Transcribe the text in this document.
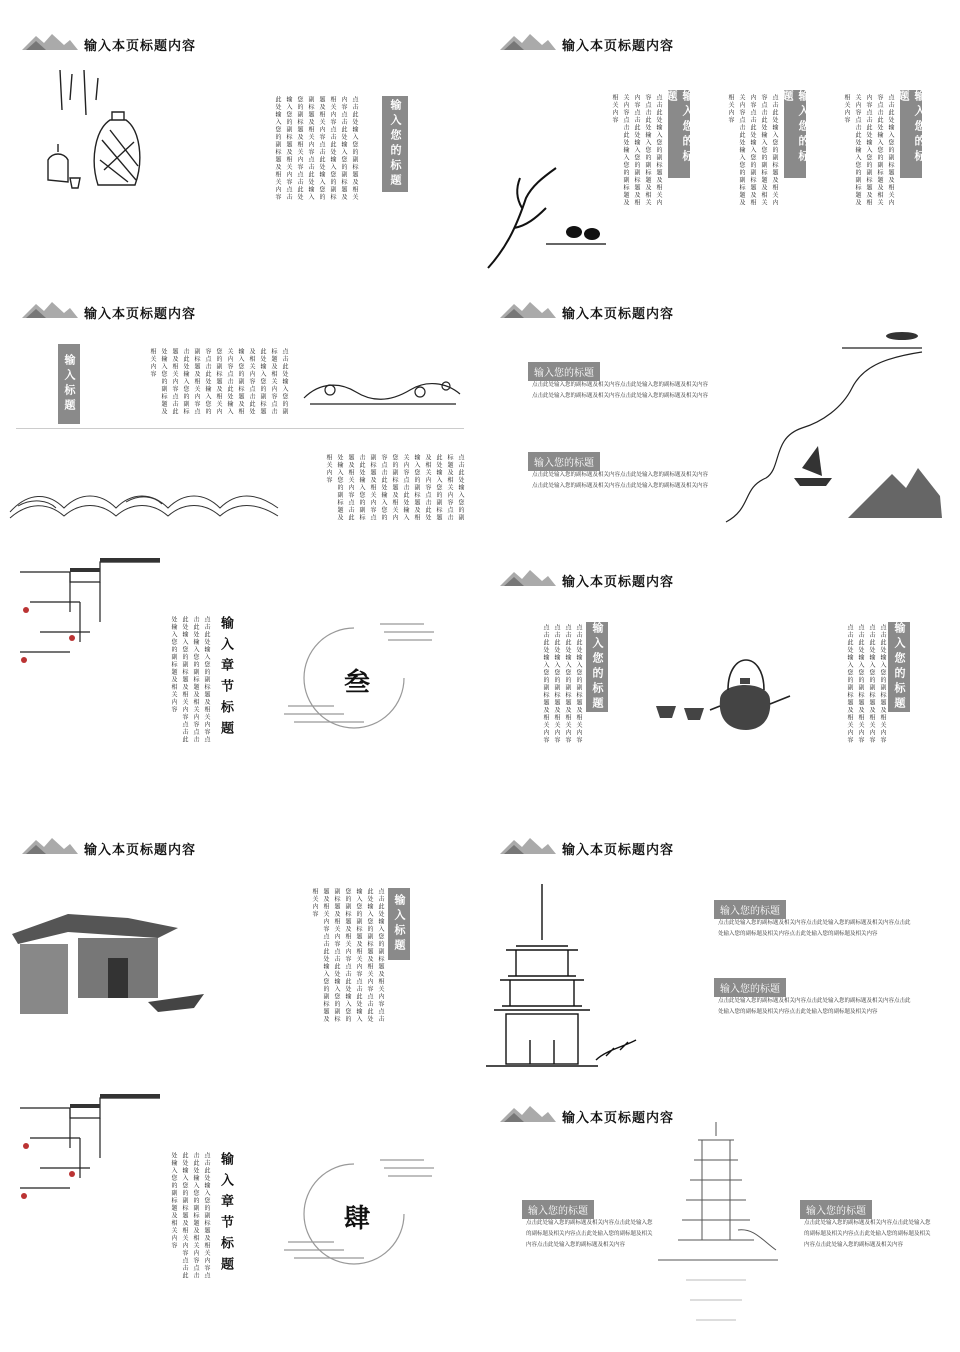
输入本页标题内容
点击此处输入您的副标题及相关内容点击此处输入您的副标题及相关内容点击此处输入您的副标题及相关内容点击此处输入您的副标题及相关内容点击此处输入您的副标题及相关内容点击此处输入您的副标题及相关内容点击此处输入您的副标题及相关内容	输入您的标题
输入本页标题内容
点击此处输入您的副标题及相关内容点击此处输入您的副标题及相关内容点击此处输入您的副标题及相关内容点击此处输入您的副标题及相关内容	输入您的标题	点击此处输入您的副标题及相关内容点击此处输入您的副标题及相关内容点击此处输入您的副标题及相关内容点击此处输入您的副标题及相关内容	输入您的标题	点击此处输入您的副标题及相关内容点击此处输入您的副标题及相关内容点击此处输入您的副标题及相关内容点击此处输入您的副标题及相关内容	输入您的标题
输入本页标题内容
输入标题	点击此处输入您的副标题及相关内容点击此处输入您的副标题及相关内容点击此处输入您的副标题及相关内容点击此处输入您的副标题及相关内容点击此处输入您的副标题及相关内容点击此处输入您的副标题及相关内容点击此处输入您的副标题及相关内容
点击此处输入您的副标题及相关内容点击此处输入您的副标题及相关内容点击此处输入您的副标题及相关内容点击此处输入您的副标题及相关内容点击此处输入您的副标题及相关内容点击此处输入您的副标题及相关内容点击此处输入您的副标题及相关内容
输入本页标题内容
输入您的标题
点击此处输入您的副标题及相关内容点击此处输入您的副标题及相关内容点击此处输入您的副标题及相关内容点击此处输入您的副标题及相关内容
输入您的标题
点击此处输入您的副标题及相关内容点击此处输入您的副标题及相关内容点击此处输入您的副标题及相关内容点击此处输入您的副标题及相关内容
点击此处输入您的副标题及相关内容点击此处输入您的副标题及相关内容点击此处输入您的副标题及相关内容点击此处输入您的副标题及相关内容	输入章节标题	叁
输入本页标题内容
点击此处输入您的副标题及相关内容点击此处输入您的副标题及相关内容点击此处输入您的副标题及相关内容点击此处输入您的副标题及相关内容	输入您的标题	点击此处输入您的副标题及相关内容点击此处输入您的副标题及相关内容点击此处输入您的副标题及相关内容点击此处输入您的副标题及相关内容	输入您的标题
输入本页标题内容
点击此处输入您的副标题及相关内容点击此处输入您的副标题及相关内容点击此处输入您的副标题及相关内容点击此处输入您的副标题及相关内容点击此处输入您的副标题及相关内容点击此处输入您的副标题及相关内容点击此处输入您的副标题及相关内容	输入标题
输入本页标题内容
输入您的标题
点击此处输入您的副标题及相关内容点击此处输入您的副标题及相关内容点击此处输入您的副标题及相关内容点击此处输入您的副标题及相关内容
输入您的标题
点击此处输入您的副标题及相关内容点击此处输入您的副标题及相关内容点击此处输入您的副标题及相关内容点击此处输入您的副标题及相关内容
点击此处输入您的副标题及相关内容点击此处输入您的副标题及相关内容点击此处输入您的副标题及相关内容点击此处输入您的副标题及相关内容	输入章节标题	肆
输入本页标题内容
输入您的标题
点击此处输入您的副标题及相关内容点击此处输入您的副标题及相关内容点击此处输入您的副标题及相关内容点击此处输入您的副标题及相关内容
输入您的标题
点击此处输入您的副标题及相关内容点击此处输入您的副标题及相关内容点击此处输入您的副标题及相关内容点击此处输入您的副标题及相关内容
